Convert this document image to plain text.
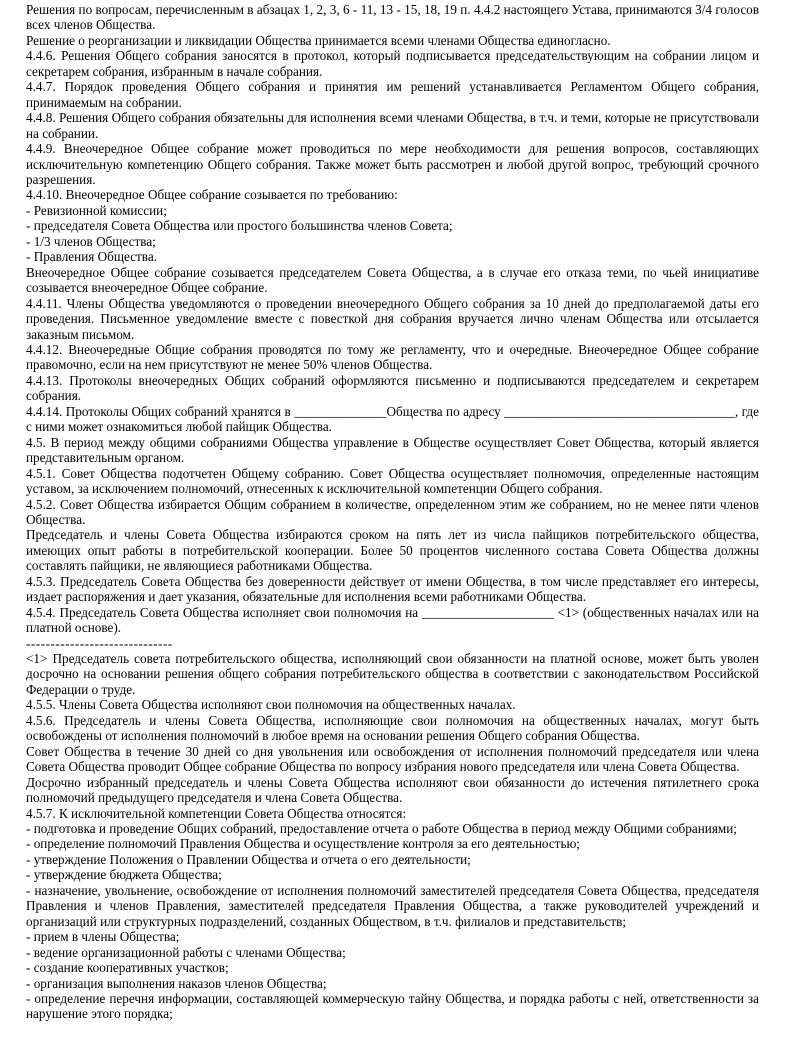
Решения по вопросам, перечисленным в абзацах 1, 2, 3, 6 - 11, 13 - 15, 18, 19 п. 4.4.2 настоящего Устава, принимаются 3/4 голосов всех членов Общества.

Решение о реорганизации и ликвидации Общества принимается всеми членами Общества единогласно.

4.4.6. Решения Общего собрания заносятся в протокол, который подписывается председательствующим на собрании лицом и секретарем собрания, избранным в начале собрания.

4.4.7. Порядок проведения Общего собрания и принятия им решений устанавливается Регламентом Общего собрания, принимаемым на собрании.

4.4.8. Решения Общего собрания обязательны для исполнения всеми членами Общества, в т.ч. и теми, которые не присутствовали на собрании.

4.4.9. Внеочередное Общее собрание может проводиться по мере необходимости для решения вопросов, составляющих исключительную компетенцию Общего собрания. Также может быть рассмотрен и любой другой вопрос, требующий срочного разрешения.

4.4.10. Внеочередное Общее собрание созывается по требованию:

- Ревизионной комиссии;

- председателя Совета Общества или простого большинства членов Совета;

- 1/3 членов Общества;

- Правления Общества.

Внеочередное Общее собрание созывается председателем Совета Общества, а в случае его отказа теми, по чьей инициативе созывается внеочередное Общее собрание.

4.4.11. Члены Общества уведомляются о проведении внеочередного Общего собрания за 10 дней до предполагаемой даты его проведения. Письменное уведомление вместе с повесткой дня собрания вручается лично членам Общества или отсылается заказным письмом.

4.4.12. Внеочередные Общие собрания проводятся по тому же регламенту, что и очередные. Внеочередное Общее собрание правомочно, если на нем присутствуют не менее 50% членов Общества.

4.4.13. Протоколы внеочередных Общих собраний оформляются письменно и подписываются председателем и секретарем собрания.

4.4.14. Протоколы Общих собраний хранятся в ______________Общества по адресу ___________________________________, где с ними может ознакомиться любой пайщик Общества.

4.5. В период между общими собраниями Общества управление в Обществе осуществляет Совет Общества, который является представительным органом.

4.5.1. Совет Общества подотчетен Общему собранию. Совет Общества осуществляет полномочия, определенные настоящим уставом, за исключением полномочий, отнесенных к исключительной компетенции Общего собрания.

4.5.2. Совет Общества избирается Общим собранием в количестве, определенном этим же собранием, но не менее пяти членов Общества.

Председатель и члены Совета Общества избираются сроком на пять лет из числа пайщиков потребительского общества, имеющих опыт работы в потребительской кооперации. Более 50 процентов численного состава Совета Общества должны составлять пайщики, не являющиеся работниками Общества.

4.5.3. Председатель Совета Общества без доверенности действует от имени Общества, в том числе представляет его интересы, издает распоряжения и дает указания, обязательные для исполнения всеми работниками Общества.

4.5.4. Председатель Совета Общества исполняет свои полномочия на ____________________ <1> (общественных началах или на платной основе).

------------------------------

<1> Председатель совета потребительского общества, исполняющий свои обязанности на платной основе, может быть уволен досрочно на основании решения общего собрания потребительского общества в соответствии с законодательством Российской Федерации о труде.

4.5.5. Члены Совета Общества исполняют свои полномочия на общественных началах.

4.5.6. Председатель и члены Совета Общества, исполняющие свои полномочия на общественных началах, могут быть освобождены от исполнения полномочий в любое время на основании решения Общего собрания Общества.

Совет Общества в течение 30 дней со дня увольнения или освобождения от исполнения полномочий председателя или члена Совета Общества проводит Общее собрание Общества по вопросу избрания нового председателя или члена Совета Общества.

Досрочно избранный председатель и члены Совета Общества исполняют свои обязанности до истечения пятилетнего срока полномочий предыдущего председателя и члена Совета Общества.

4.5.7. К исключительной компетенции Совета Общества относятся:

- подготовка и проведение Общих собраний, предоставление отчета о работе Общества в период между Общими собраниями;

- определение полномочий Правления Общества и осуществление контроля за его деятельностью;

- утверждение Положения о Правлении Общества и отчета о его деятельности;

- утверждение бюджета Общества;

- назначение, увольнение, освобождение от исполнения полномочий заместителей председателя Совета Общества, председателя Правления и членов Правления, заместителей председателя Правления Общества, а также руководителей учреждений и организаций или структурных подразделений, созданных Обществом, в т.ч. филиалов и представительств;

- прием в члены Общества;

- ведение организационной работы с членами Общества;

- создание кооперативных участков;

- организация выполнения наказов членов Общества;

- определение перечня информации, составляющей коммерческую тайну Общества, и порядка работы с ней, ответственности за нарушение этого порядка;
